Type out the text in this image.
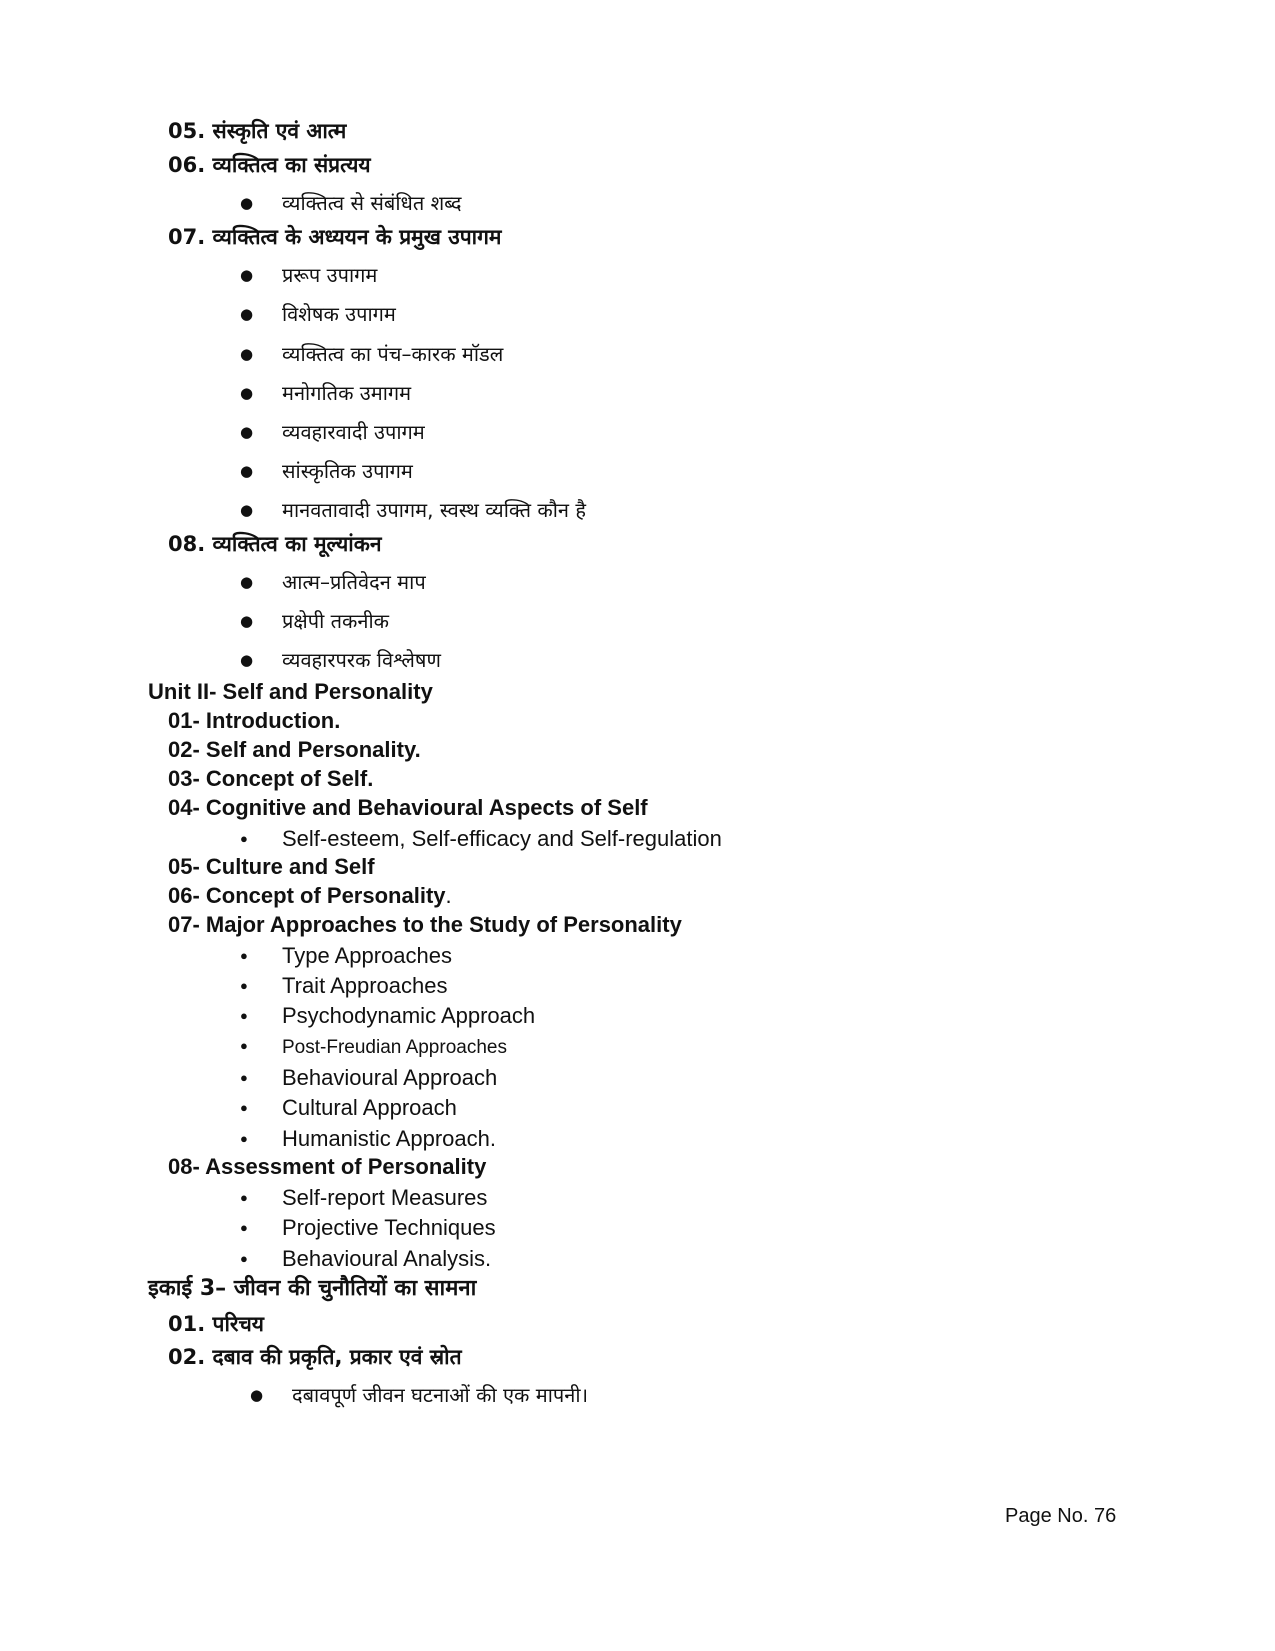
05. संस्कृति एवं आत्म

06. व्यक्तित्व का संप्रत्यय

●व्यक्तित्व से संबंधित शब्द

07. व्यक्तित्व के अध्ययन के प्रमुख उपागम

●प्ररूप उपागम

●विशेषक उपागम

●व्यक्तित्व का पंच–कारक मॉडल

●मनोगतिक उमागम

●व्यवहारवादी उपागम

●सांस्कृतिक उपागम

●मानवतावादी उपागम, स्वस्थ व्यक्ति कौन है

08. व्यक्तित्व का मूल्यांकन

●आत्म–प्रतिवेदन माप

●प्रक्षेपी तकनीक

●व्यवहारपरक विश्लेषण

Unit II- Self and Personality

01- Introduction.

02- Self and Personality.

03- Concept of Self.

04- Cognitive and Behavioural Aspects of Self

●Self-esteem, Self-efficacy and Self-regulation

05- Culture and Self

06- Concept of Personality.

07- Major Approaches to the Study of Personality

●Type Approaches

●Trait Approaches

●Psychodynamic Approach

●Post-Freudian Approaches

●Behavioural Approach

●Cultural Approach

●Humanistic Approach.

08- Assessment of Personality

●Self-report Measures

●Projective Techniques

●Behavioural Analysis.

इकाई 3– जीवन की चुनौतियों का सामना

01. परिचय

02. दबाव की प्रकृति, प्रकार एवं स्रोत

●दबावपूर्ण जीवन घटनाओं की एक मापनी।

Page No. 76
